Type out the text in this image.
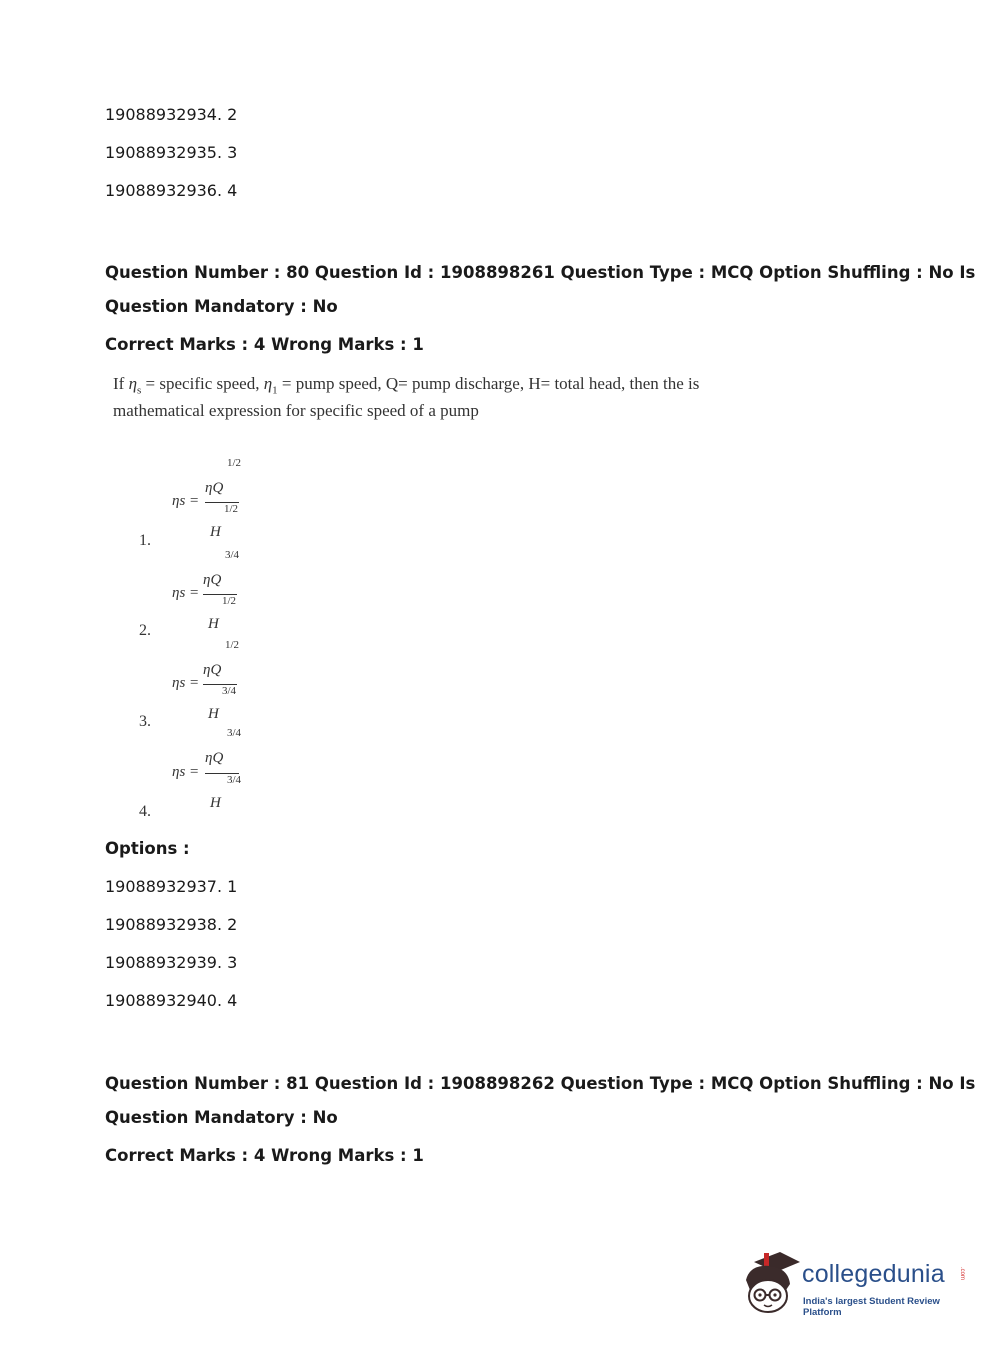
19088932934. 2
19088932935. 3
19088932936. 4
Question Number : 80 Question Id : 1908898261 Question Type : MCQ Option Shuffling : No Is
Question Mandatory : No
Correct Marks : 4 Wrong Marks : 1
If $\eta_s$ = specific speed, $\eta_1$ = pump speed, Q= pump discharge, H= total head, then the is
mathematical expression for specific speed of a pump
1.
ηs =
ηQ
1/2
1/2
H
2.
ηs =
ηQ
3/4
1/2
H
3.
ηs =
ηQ
1/2
3/4
H
4.
ηs =
ηQ
3/4
3/4
H
Options :
19088932937. 1
19088932938. 2
19088932939. 3
19088932940. 4
Question Number : 81 Question Id : 1908898262 Question Type : MCQ Option Shuffling : No Is
Question Mandatory : No
Correct Marks : 4 Wrong Marks : 1
collegedunia .com
India's largest Student Review Platform
